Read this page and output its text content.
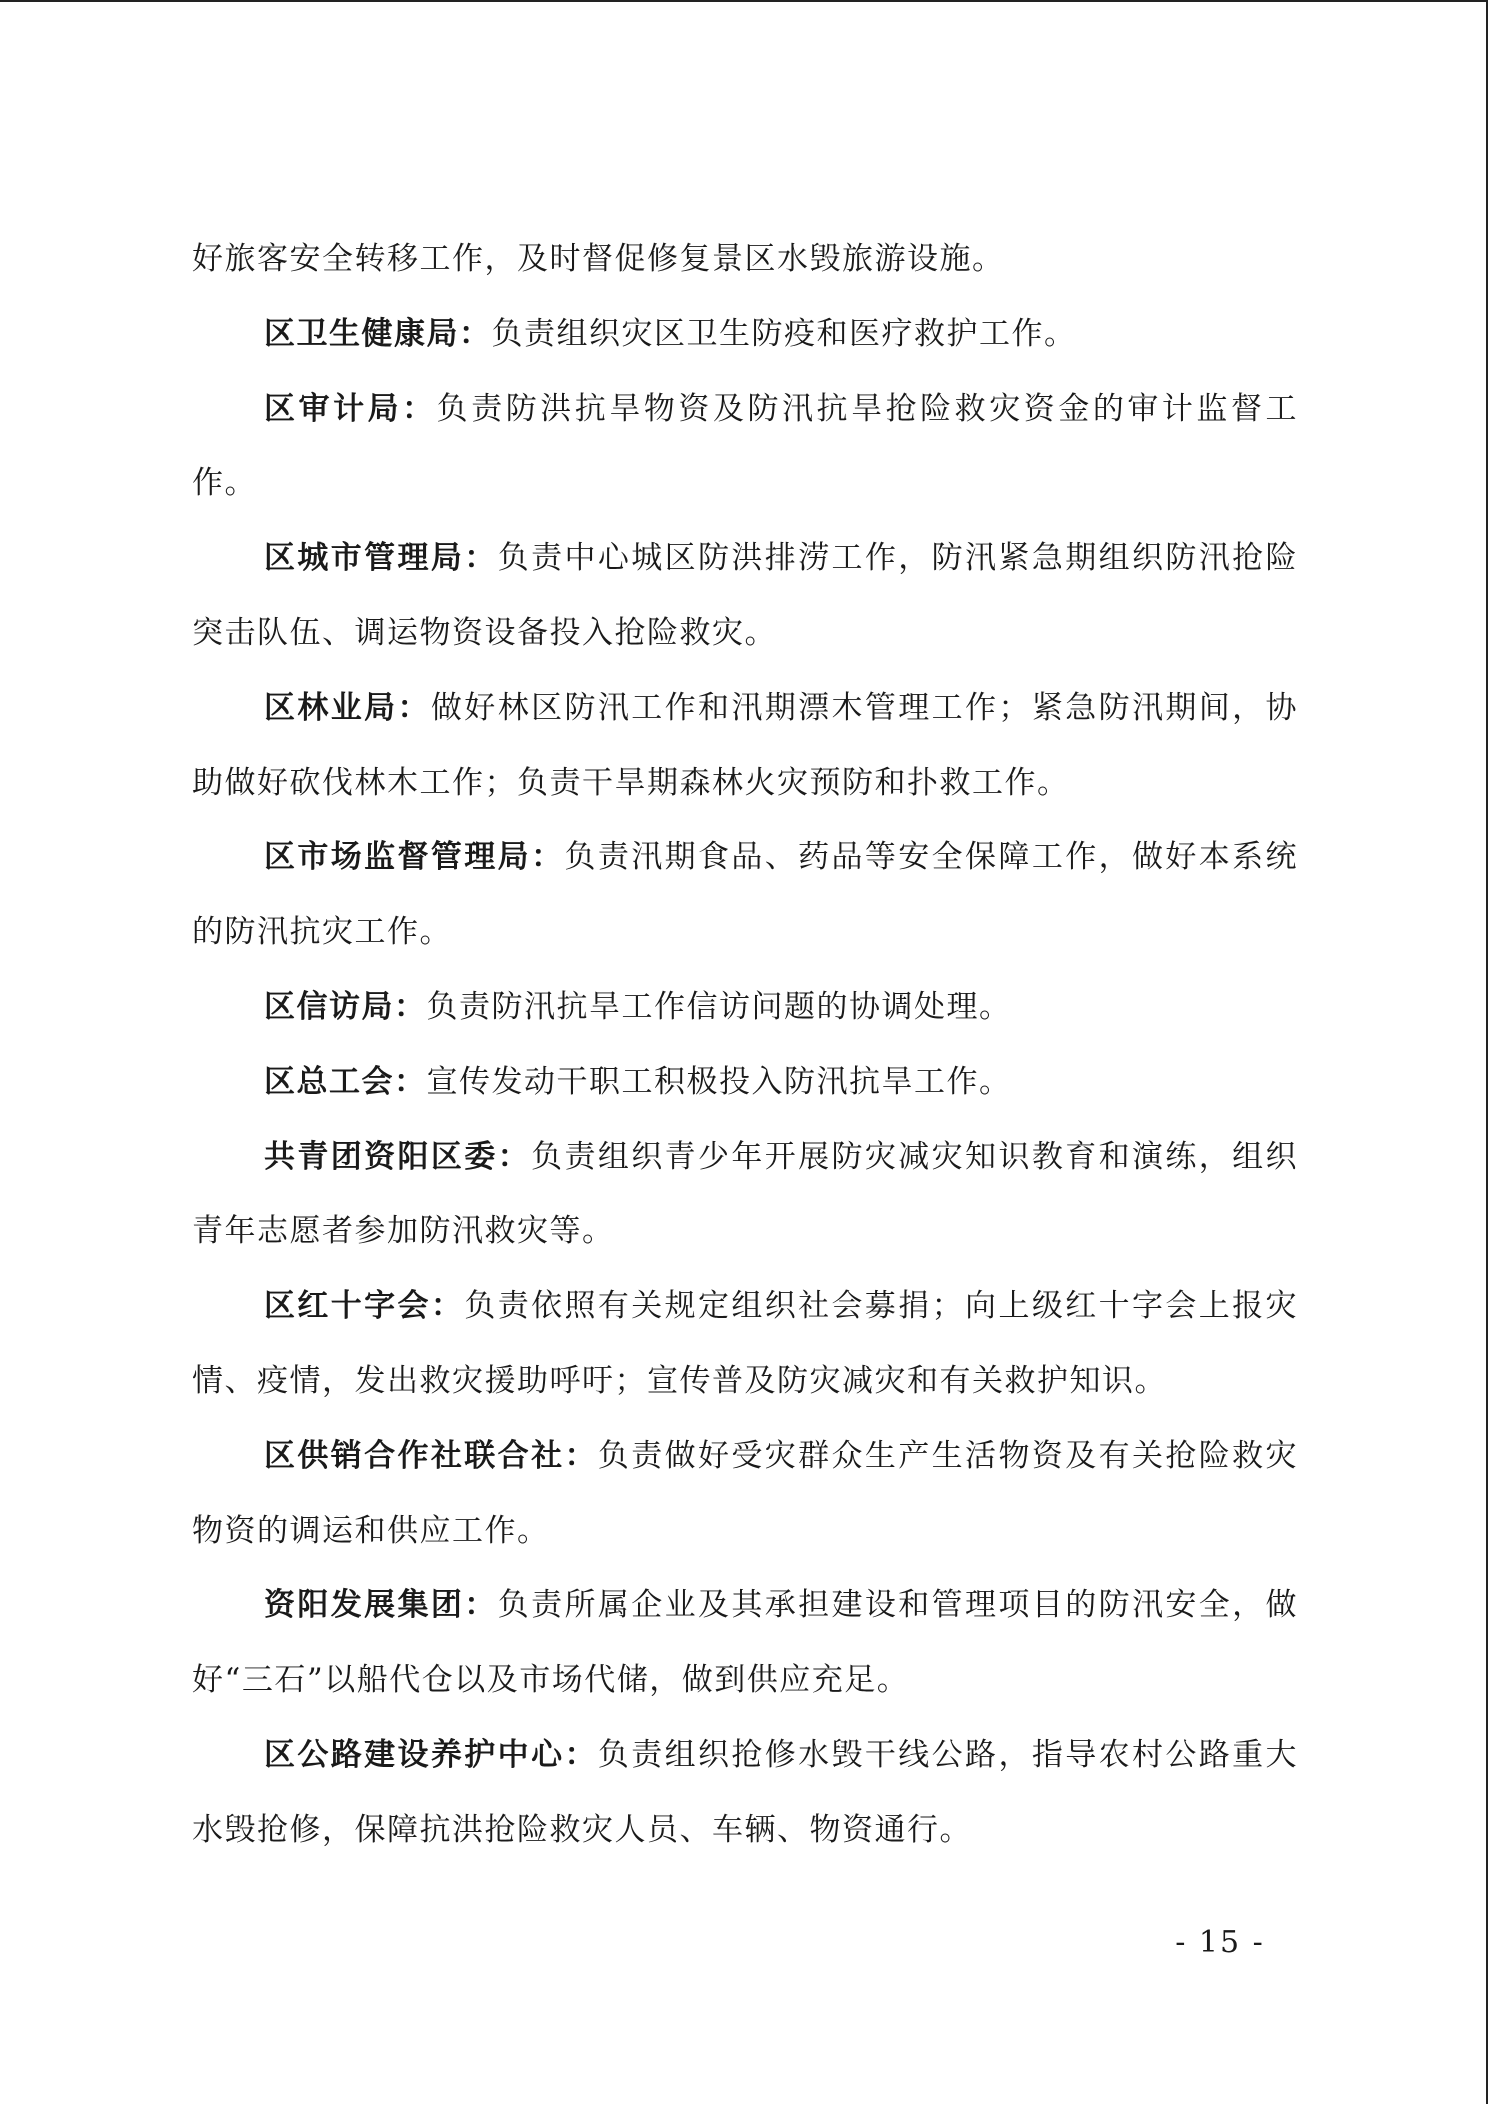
好旅客安全转移工作，及时督促修复景区水毁旅游设施。

区卫生健康局：负责组织灾区卫生防疫和医疗救护工作。

区审计局：负责防洪抗旱物资及防汛抗旱抢险救灾资金的审计监督工作。

区城市管理局：负责中心城区防洪排涝工作，防汛紧急期组织防汛抢险突击队伍、调运物资设备投入抢险救灾。

区林业局：做好林区防汛工作和汛期漂木管理工作；紧急防汛期间，协助做好砍伐林木工作；负责干旱期森林火灾预防和扑救工作。

区市场监督管理局：负责汛期食品、药品等安全保障工作，做好本系统的防汛抗灾工作。

区信访局：负责防汛抗旱工作信访问题的协调处理。

区总工会：宣传发动干职工积极投入防汛抗旱工作。

共青团资阳区委：负责组织青少年开展防灾减灾知识教育和演练，组织青年志愿者参加防汛救灾等。

区红十字会：负责依照有关规定组织社会募捐；向上级红十字会上报灾情、疫情，发出救灾援助呼吁；宣传普及防灾减灾和有关救护知识。

区供销合作社联合社：负责做好受灾群众生产生活物资及有关抢险救灾物资的调运和供应工作。

资阳发展集团：负责所属企业及其承担建设和管理项目的防汛安全，做好“三石”以船代仓以及市场代储，做到供应充足。

区公路建设养护中心：负责组织抢修水毁干线公路，指导农村公路重大水毁抢修，保障抗洪抢险救灾人员、车辆、物资通行。

- 15 -
